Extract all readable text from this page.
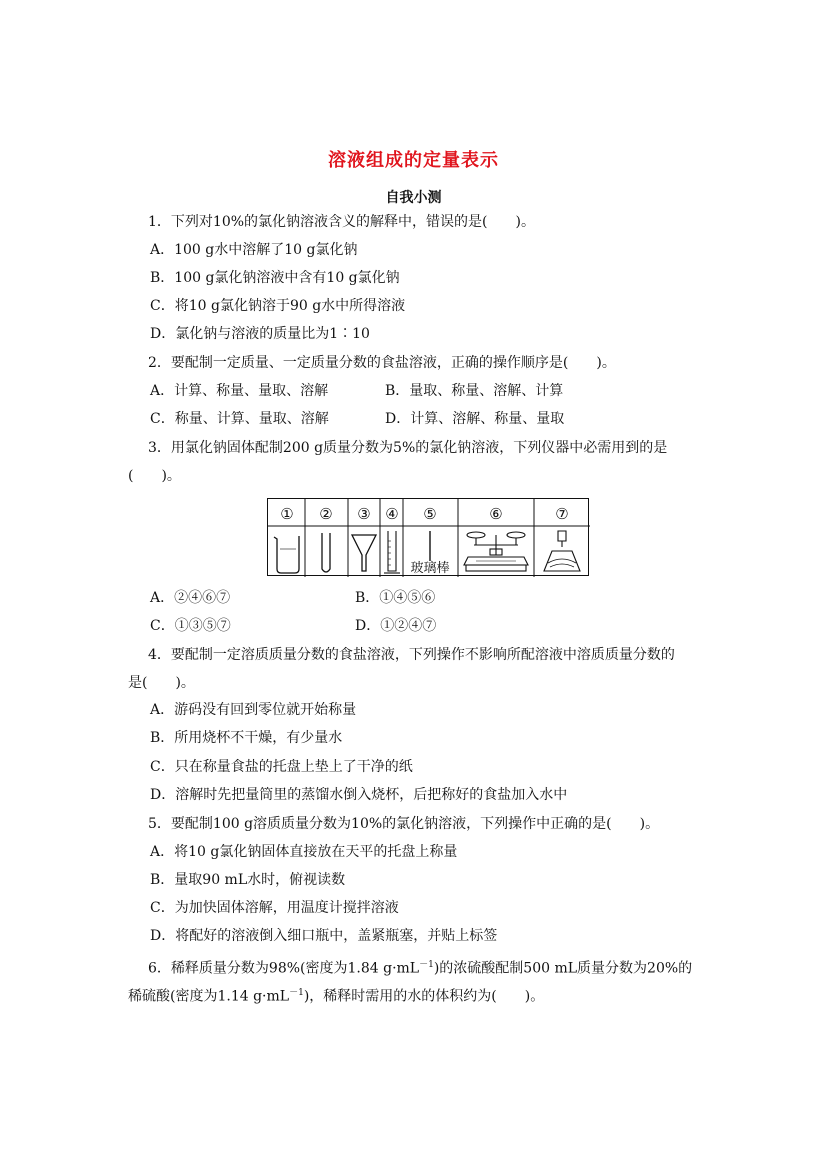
溶液组成的定量表示
自我小测
1．下列对10%的氯化钠溶液含义的解释中，错误的是(　　)。
A．100 g水中溶解了10 g氯化钠
B．100 g氯化钠溶液中含有10 g氯化钠
C．将10 g氯化钠溶于90 g水中所得溶液
D．氯化钠与溶液的质量比为1∶10
2．要配制一定质量、一定质量分数的食盐溶液，正确的操作顺序是(　　)。
A．计算、称量、量取、溶解	B．量取、称量、溶解、计算
C．称量、计算、量取、溶解	D．计算、溶解、称量、量取
3．用氯化钠固体配制200 g质量分数为5%的氯化钠溶液，下列仪器中必需用到的是
(　　)。
① ② ③ ④ ⑤	⑥	⑦
玻璃棒
A．②④⑥⑦	B．①④⑤⑥
C．①③⑤⑦	D．①②④⑦
4．要配制一定溶质质量分数的食盐溶液，下列操作不影响所配溶液中溶质质量分数的
是(　　)。
A．游码没有回到零位就开始称量
B．所用烧杯不干燥，有少量水
C．只在称量食盐的托盘上垫上了干净的纸
D．溶解时先把量筒里的蒸馏水倒入烧杯，后把称好的食盐加入水中
5．要配制100 g溶质质量分数为10%的氯化钠溶液，下列操作中正确的是(　　)。
A．将10 g氯化钠固体直接放在天平的托盘上称量
B．量取90 mL水时，俯视读数
C．为加快固体溶解，用温度计搅拌溶液
D．将配好的溶液倒入细口瓶中，盖紧瓶塞，并贴上标签
6．稀释质量分数为98%(密度为1.84 $g\cdot mL^{-1}$)的浓硫酸配制500 mL质量分数为20%的
稀硫酸(密度为1.14 $g\cdot mL^{-1}$)，稀释时需用的水的体积约为(　　)。
